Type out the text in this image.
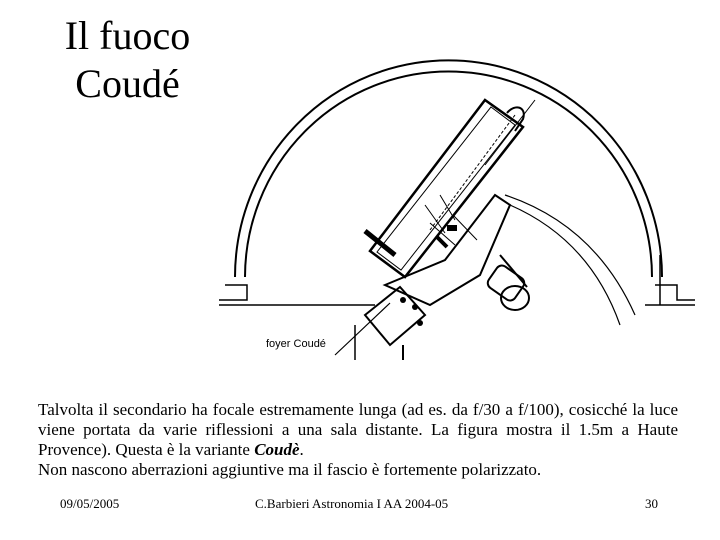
Il fuoco
Coudé
foyer Coudé

Talvolta il secondario ha focale estremamente lunga (ad es. da f/30 a f/100), cosicché la luce viene portata da varie riflessioni a una sala distante. La figura mostra il 1.5m a Haute Provence). Questa è la variante Coudè.

Non nascono aberrazioni aggiuntive ma il fascio è fortemente polarizzato.

09/05/2005	C.Barbieri Astronomia I AA 2004-05	30
